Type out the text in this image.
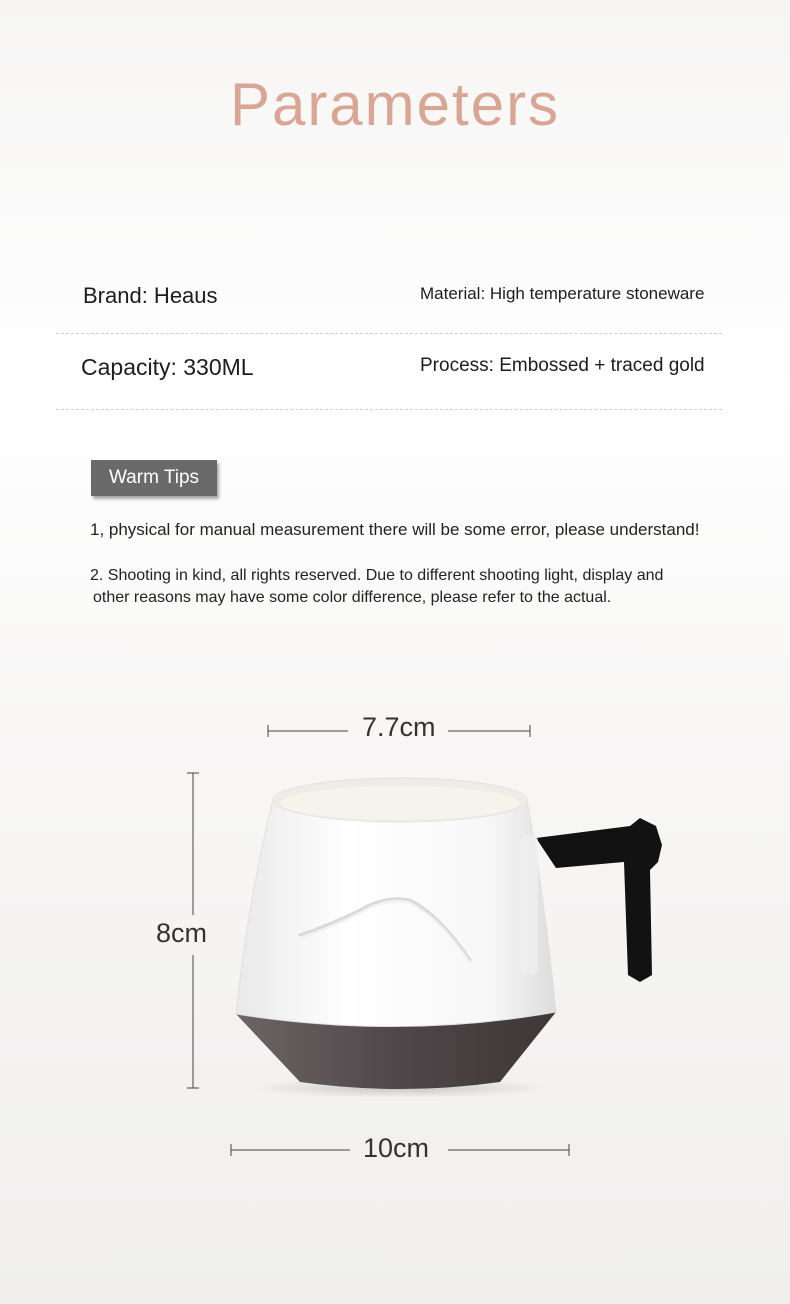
Parameters
Brand: Heaus	Material: High temperature stoneware
Capacity: 330ML	Process: Embossed + traced gold
Warm Tips
1, physical for manual measurement there will be some error, please understand!
2. Shooting in kind, all rights reserved. Due to different shooting light, display and
other reasons may have some color difference, please refer to the actual.
7.7cm
8cm
10cm
